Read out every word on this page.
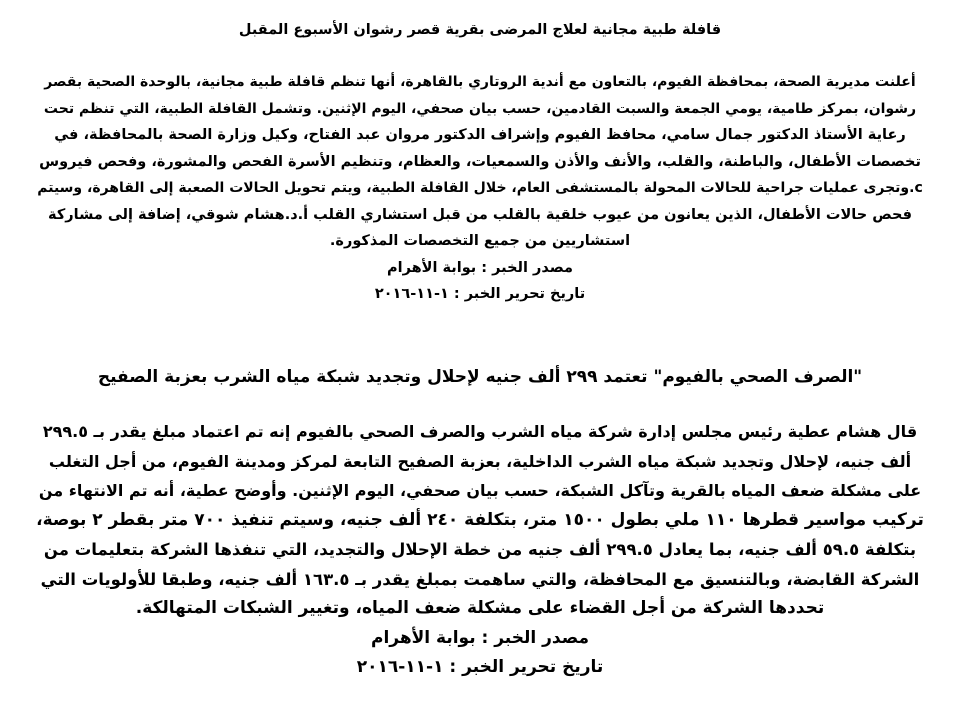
قافلة طبية مجانية لعلاج المرضى بقرية قصر رشوان الأسبوع المقبل

أعلنت مديرية الصحة، بمحافظة الفيوم، بالتعاون مع أندية الروتاري بالقاهرة، أنها تنظم قافلة طبية مجانية، بالوحدة الصحية بقصر
رشوان، بمركز طامية، يومي الجمعة والسبت القادمين، حسب بيان صحفي، اليوم الإثنين. وتشمل القافلة الطبية، التي تنظم تحت
رعاية الأستاذ الدكتور جمال سامي، محافظ الفيوم وإشراف الدكتور مروان عبد الفتاح، وكيل وزارة الصحة بالمحافظة، في
تخصصات الأطفال، والباطنة، والقلب، والأنف والأذن والسمعيات، والعظام، وتنظيم الأسرة الفحص والمشورة، وفحص فيروس
c.وتجرى عمليات جراحية للحالات المحولة بالمستشفى العام، خلال القافلة الطبية، ويتم تحويل الحالات الصعبة إلى القاهرة، وسيتم
فحص حالات الأطفال، الذين يعانون من عيوب خلقية بالقلب من قبل استشاري القلب أ.د.هشام شوقي، إضافة إلى مشاركة
استشاريين من جميع التخصصات المذكورة.

مصدر الخبر : بوابة الأهرام

تاريخ تحرير الخبر : ١-١١-٢٠١٦

"الصرف الصحي بالفيوم" تعتمد ٢٩٩ ألف جنيه لإحلال وتجديد شبكة مياه الشرب بعزبة الصفيح

قال هشام عطية رئيس مجلس إدارة شركة مياه الشرب والصرف الصحي بالفيوم إنه تم اعتماد مبلغ يقدر بـ ٢٩٩.٥
ألف جنيه، لإحلال وتجديد شبكة مياه الشرب الداخلية، بعزبة الصفيح التابعة لمركز ومدينة الفيوم، من أجل التغلب
على مشكلة ضعف المياه بالقرية وتآكل الشبكة، حسب بيان صحفي، اليوم الإثنين. وأوضح عطية، أنه تم الانتهاء من
تركيب مواسير قطرها ١١٠ ملي بطول ١٥٠٠ متر، بتكلفة ٢٤٠ ألف جنيه، وسيتم تنفيذ ٧٠٠ متر بقطر ٢ بوصة،
بتكلفة ٥٩.٥ ألف جنيه، بما يعادل ٢٩٩.٥ ألف جنيه من خطة الإحلال والتجديد، التي تنفذها الشركة بتعليمات من
الشركة القابضة، وبالتنسيق مع المحافظة، والتي ساهمت بمبلغ يقدر بـ ١٦٣.٥ ألف جنيه، وطبقا للأولويات التي
تحددها الشركة من أجل القضاء على مشكلة ضعف المياه، وتغيير الشبكات المتهالكة.

مصدر الخبر : بوابة الأهرام

تاريخ تحرير الخبر : ١-١١-٢٠١٦
